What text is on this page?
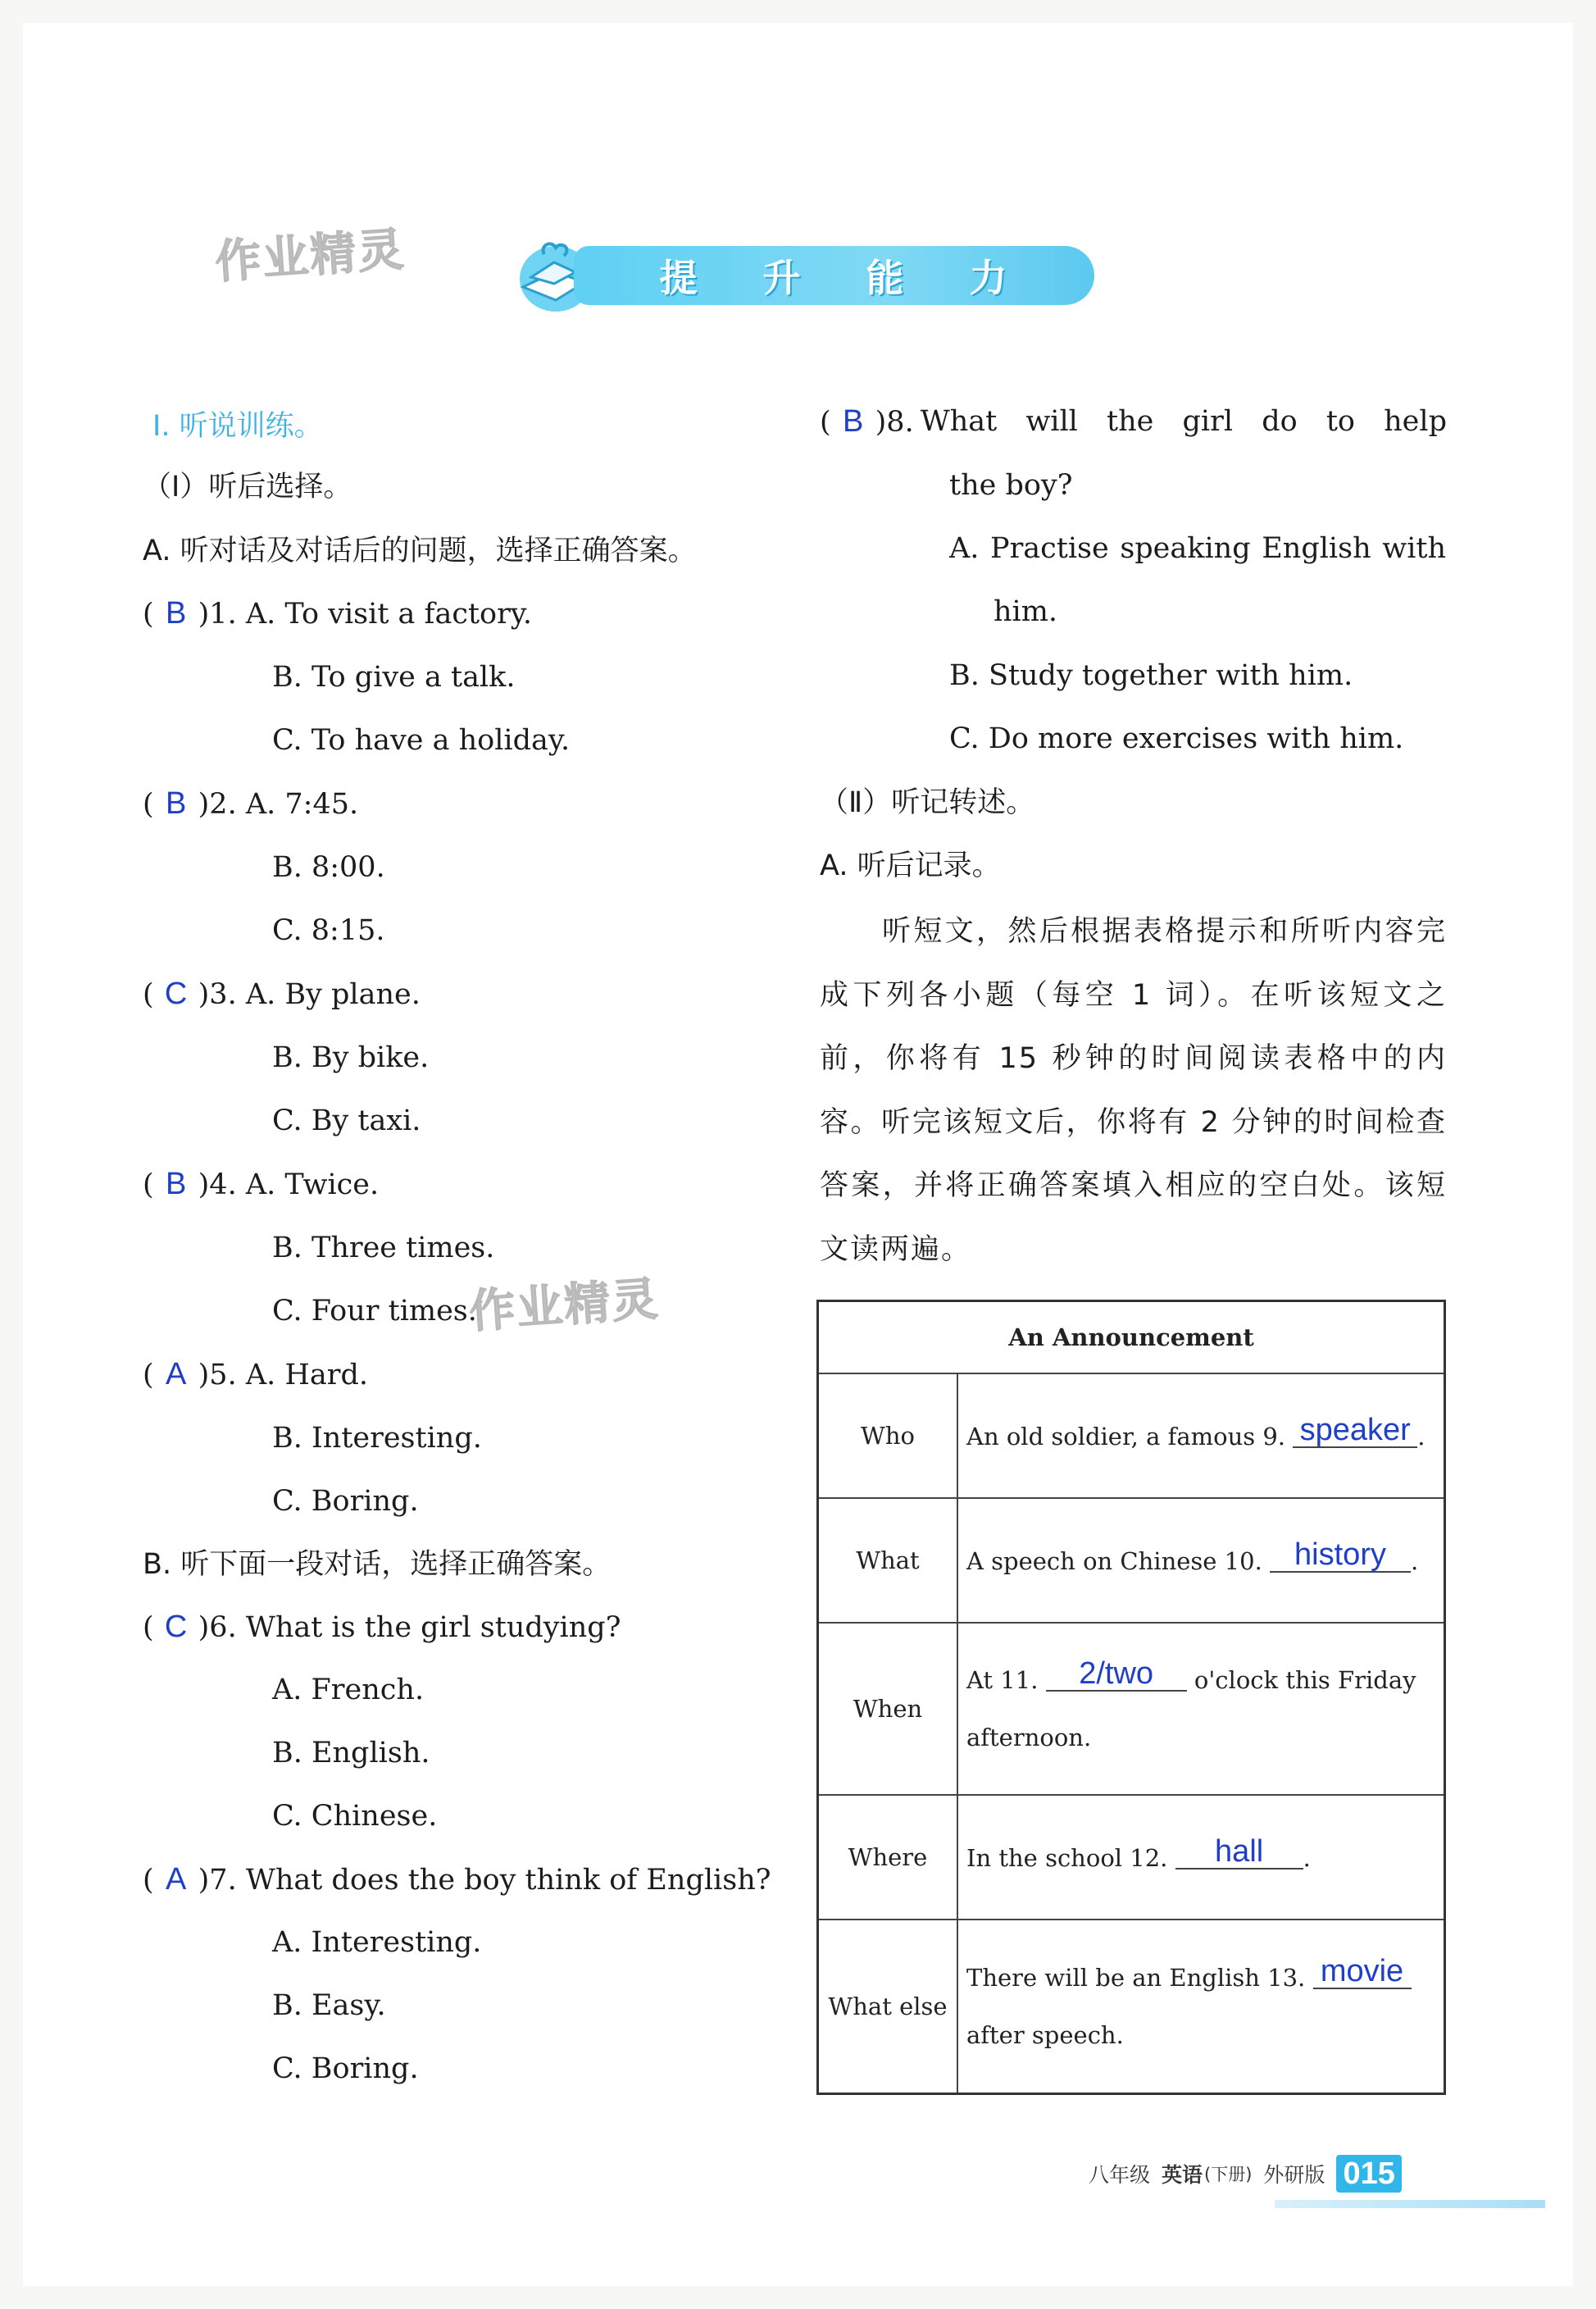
作业精灵
作业精灵
提 升 能 力
Ⅰ. 听说训练。
（Ⅰ）听后选择。
A. 听对话及对话后的问题，选择正确答案。
( B )1. A. To visit a factory.
B. To give a talk.
C. To have a holiday.
( B )2. A. 7:45.
B. 8:00.
C. 8:15.
( C )3. A. By plane.
B. By bike.
C. By taxi.
( B )4. A. Twice.
B. Three times.
C. Four times.
( A )5. A. Hard.
B. Interesting.
C. Boring.
B. 听下面一段对话，选择正确答案。
( C )6. What is the girl studying?
A. French.
B. English.
C. Chinese.
( A )7. What does the boy think of English?
A. Interesting.
B. Easy.
C. Boring.
( B )8. What will the girl do to help
the boy?
A. Practise speaking English with
him.
B. Study together with him.
C. Do more exercises with him.
（Ⅱ）听记转述。
A. 听后记录。
听短文，然后根据表格提示和所听内容完成下列各小题（每空 1 词）。在听该短文之前，你将有 15 秒钟的时间阅读表格中的内容。听完该短文后，你将有 2 分钟的时间检查答案，并将正确答案填入相应的空白处。该短文读两遍。
An Announcement	
Who	An old soldier, a famous 9. speaker .
What	A speech on Chinese 10. history .
When	At 11. 2/two o'clock this Friday
afternoon.
Where	In the school 12. hall .
What else	There will be an English 13. movie
after speech.
八年级 英语 (下册) 外研版 015
